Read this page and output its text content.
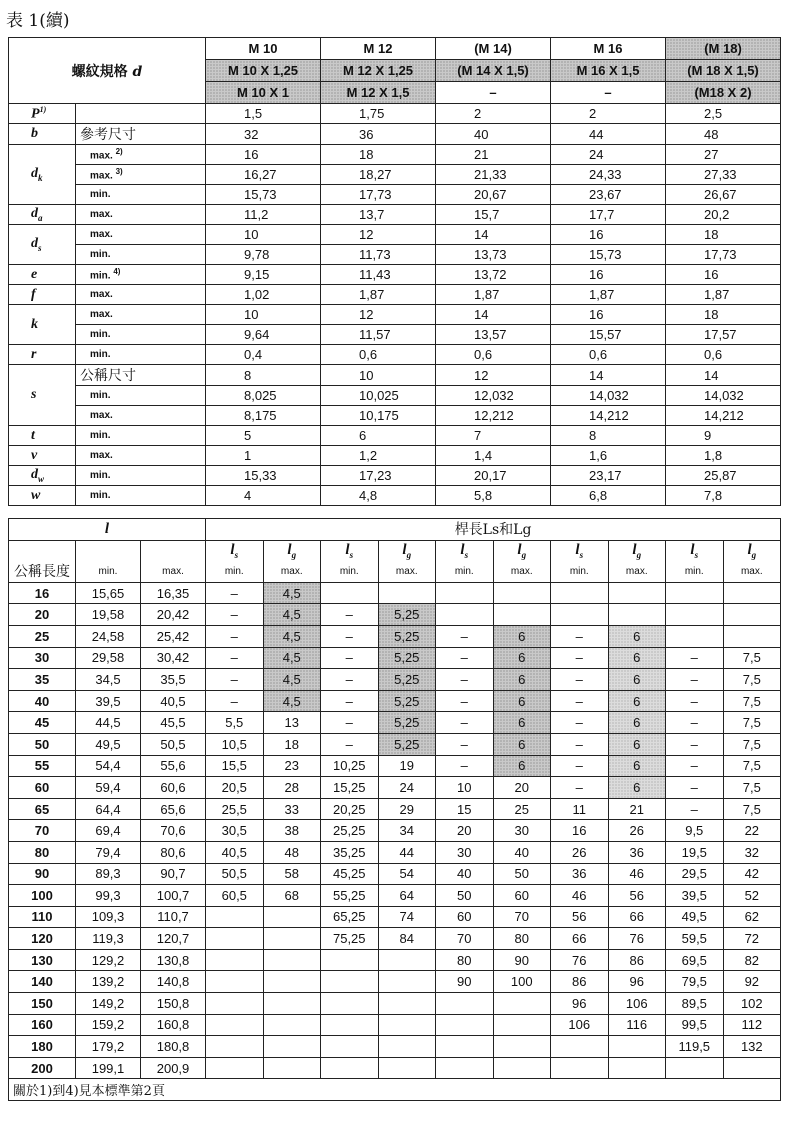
表 1(續)
螺紋規格 d		M 10	M 12	(M 14)	M 16	(M 18)
		M 10 X 1,25	M 12 X 1,25	(M 14 X 1,5)	M 16 X 1,5	(M 18 X 1,5)
		M 10 X 1	M 12 X 1,5	–	–	(M18 X 2)
$P^{1)}$		1,5	1,75	2	2	2,5
b	參考尺寸	32	36	40	44	48
$d_k$	max. $^{2)}$	16	18	21	24	27
	max. $^{3)}$	16,27	18,27	21,33	24,33	27,33
	min.	15,73	17,73	20,67	23,67	26,67
$d_a$	max.	11,2	13,7	15,7	17,7	20,2
$d_s$	max.	10	12	14	16	18
	min.	9,78	11,73	13,73	15,73	17,73
e	min. $^{4)}$	9,15	11,43	13,72	16	16
f	max.	1,02	1,87	1,87	1,87	1,87
k	max.	10	12	14	16	18
	min.	9,64	11,57	13,57	15,57	17,57
r	min.	0,4	0,6	0,6	0,6	0,6
s	公稱尺寸	8	10	12	14	14
	min.	8,025	10,025	12,032	14,032	14,032
	max.	8,175	10,175	12,212	14,212	14,212
t	min.	5	6	7	8	9
v	max.	1	1,2	1,4	1,6	1,8
$d_w$	min.	15,33	17,23	20,17	23,17	25,87
w	min.	4	4,8	5,8	6,8	7,8
l			桿長Ls和Lg									
公稱長度			$l_s$	$l_g$	$l_s$	$l_g$	$l_s$	$l_g$	$l_s$	$l_g$	$l_s$	$l_g$
	min.	max.	min.	max.	min.	max.	min.	max.	min.	max.	min.	max.
16	15,65	16,35	–	4,5								
20	19,58	20,42	–	4,5	–	5,25						
25	24,58	25,42	–	4,5	–	5,25	–	6	–	6		
30	29,58	30,42	–	4,5	–	5,25	–	6	–	6	–	7,5
35	34,5	35,5	–	4,5	–	5,25	–	6	–	6	–	7,5
40	39,5	40,5	–	4,5	–	5,25	–	6	–	6	–	7,5
45	44,5	45,5	5,5	13	–	5,25	–	6	–	6	–	7,5
50	49,5	50,5	10,5	18	–	5,25	–	6	–	6	–	7,5
55	54,4	55,6	15,5	23	10,25	19	–	6	–	6	–	7,5
60	59,4	60,6	20,5	28	15,25	24	10	20	–	6	–	7,5
65	64,4	65,6	25,5	33	20,25	29	15	25	11	21	–	7,5
70	69,4	70,6	30,5	38	25,25	34	20	30	16	26	9,5	22
80	79,4	80,6	40,5	48	35,25	44	30	40	26	36	19,5	32
90	89,3	90,7	50,5	58	45,25	54	40	50	36	46	29,5	42
100	99,3	100,7	60,5	68	55,25	64	50	60	46	56	39,5	52
110	109,3	110,7			65,25	74	60	70	56	66	49,5	62
120	119,3	120,7			75,25	84	70	80	66	76	59,5	72
130	129,2	130,8					80	90	76	86	69,5	82
140	139,2	140,8					90	100	86	96	79,5	92
150	149,2	150,8							96	106	89,5	102
160	159,2	160,8							106	116	99,5	112
180	179,2	180,8									119,5	132
200	199,1	200,9										
關於1)到4)見本標準第2頁												
